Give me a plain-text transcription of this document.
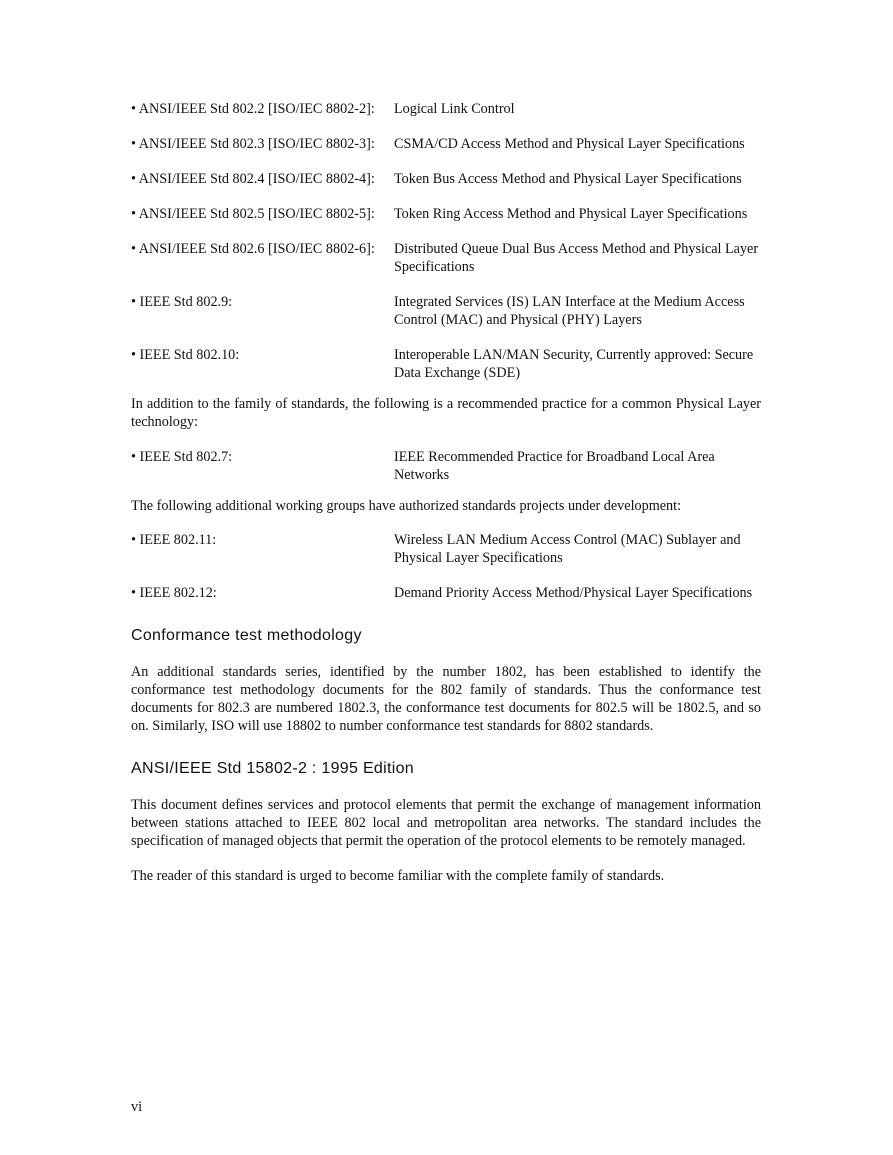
• ANSI/IEEE Std 802.2 [ISO/IEC 8802-2]:	Logical Link Control
• ANSI/IEEE Std 802.3 [ISO/IEC 8802-3]:	CSMA/CD Access Method and Physical Layer Specifications
• ANSI/IEEE Std 802.4 [ISO/IEC 8802-4]:	Token Bus Access Method and Physical Layer Specifications
• ANSI/IEEE Std 802.5 [ISO/IEC 8802-5]:	Token Ring Access Method and Physical Layer Specifications
• ANSI/IEEE Std 802.6 [ISO/IEC 8802-6]:	Distributed Queue Dual Bus Access Method and Physical Layer Specifications
• IEEE Std 802.9:	Integrated Services (IS) LAN Interface at the Medium Access Control (MAC) and Physical (PHY) Layers
• IEEE Std 802.10:	Interoperable LAN/MAN Security, Currently approved: Secure Data Exchange (SDE)

In addition to the family of standards, the following is a recommended practice for a common Physical Layer technology:

• IEEE Std 802.7:	IEEE Recommended Practice for Broadband Local Area Networks

The following additional working groups have authorized standards projects under development:

• IEEE 802.11:	Wireless LAN Medium Access Control (MAC) Sublayer and Physical Layer Specifications
• IEEE 802.12:	Demand Priority Access Method/Physical Layer Specifications
Conformance test methodology

An additional standards series, identified by the number 1802, has been established to identify the conformance test methodology documents for the 802 family of standards. Thus the conformance test documents for 802.3 are numbered 1802.3, the conformance test documents for 802.5 will be 1802.5, and so on. Similarly, ISO will use 18802 to number conformance test standards for 8802 standards.

ANSI/IEEE Std 15802-2 : 1995 Edition

This document defines services and protocol elements that permit the exchange of management information between stations attached to IEEE 802 local and metropolitan area networks. The standard includes the specification of managed objects that permit the operation of the protocol elements to be remotely managed.

The reader of this standard is urged to become familiar with the complete family of standards.

vi
